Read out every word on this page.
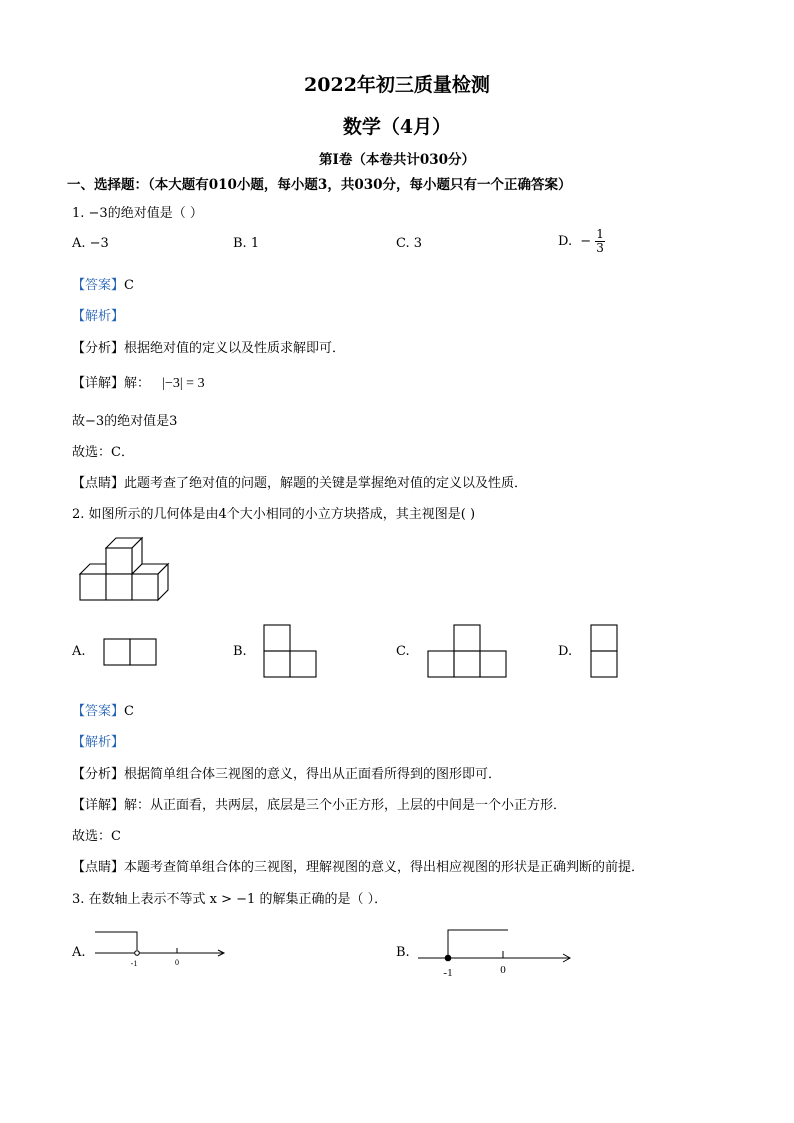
2022年初三质量检测
数学（4月）
第I卷（本卷共计030分）
一、选择题：（本大题有010小题，每小题3，共030分，每小题只有一个正确答案）
1. −3的绝对值是（ ）
A. −3	B. 1	C. 3	D. − $\frac{1}{3}$
【答案】C
【解析】
【分析】根据绝对值的定义以及性质求解即可．
【详解】解： |−3| = 3
故−3的绝对值是3
故选：C．
【点睛】此题考查了绝对值的问题，解题的关键是掌握绝对值的定义以及性质．
2. 如图所示的几何体是由4个大小相同的小立方块搭成，其主视图是( )
A.	B.	C.	D.
【答案】C
【解析】
【分析】根据简单组合体三视图的意义，得出从正面看所得到的图形即可．
【详解】解：从正面看，共两层，底层是三个小正方形，上层的中间是一个小正方形．
故选：C
【点睛】本题考查简单组合体的三视图，理解视图的意义，得出相应视图的形状是正确判断的前提．
3. 在数轴上表示不等式 x > −1 的解集正确的是（ ）．
A.
-1	0
B.
-1	0
